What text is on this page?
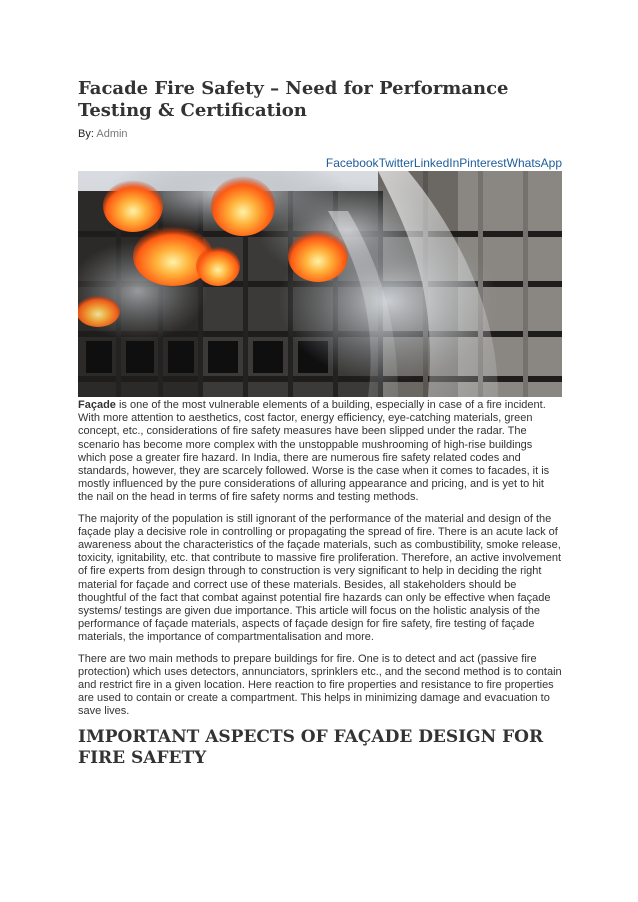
Facade Fire Safety – Need for Performance Testing & Certification
By: Admin
FacebookTwitterLinkedInPinterestWhatsApp

Façade is one of the most vulnerable elements of a building, especially in case of a fire incident. With more attention to aesthetics, cost factor, energy efficiency, eye-catching materials, green concept, etc., considerations of fire safety measures have been slipped under the radar. The scenario has become more complex with the unstoppable mushrooming of high-rise buildings which pose a greater fire hazard. In India, there are numerous fire safety related codes and standards, however, they are scarcely followed. Worse is the case when it comes to facades, it is mostly influenced by the pure considerations of alluring appearance and pricing, and is yet to hit the nail on the head in terms of fire safety norms and testing methods.

The majority of the population is still ignorant of the performance of the material and design of the façade play a decisive role in controlling or propagating the spread of fire. There is an acute lack of awareness about the characteristics of the façade materials, such as combustibility, smoke release, toxicity, ignitability, etc. that contribute to massive fire proliferation. Therefore, an active involvement of fire experts from design through to construction is very significant to help in deciding the right material for façade and correct use of these materials. Besides, all stakeholders should be thoughtful of the fact that combat against potential fire hazards can only be effective when façade systems/ testings are given due importance. This article will focus on the holistic analysis of the performance of façade materials, aspects of façade design for fire safety, fire testing of façade materials, the importance of compartmentalisation and more.

There are two main methods to prepare buildings for fire. One is to detect and act (passive fire protection) which uses detectors, annunciators, sprinklers etc., and the second method is to contain and restrict fire in a given location. Here reaction to fire properties and resistance to fire properties are used to contain or create a compartment. This helps in minimizing damage and evacuation to save lives.

IMPORTANT ASPECTS OF FAÇADE DESIGN FOR FIRE SAFETY
